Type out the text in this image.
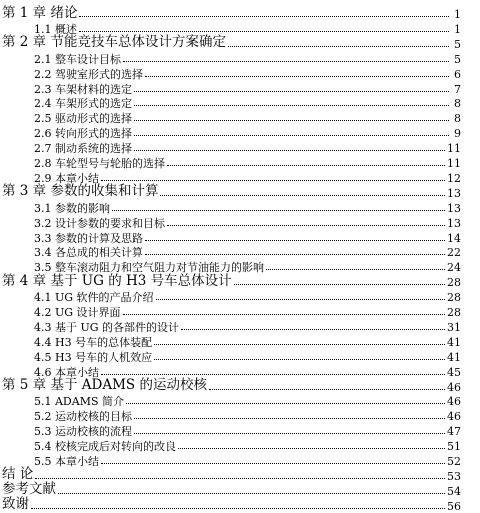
第 1 章 绪论	1
1.1 概述	1
第 2 章 节能竞技车总体设计方案确定	5
2.1 整车设计目标	5
2.2 驾驶室形式的选择	6
2.3 车架材料的选定	7
2.4 车架形式的选定	8
2.5 驱动形式的选择	8
2.6 转向形式的选择	9
2.7 制动系统的选择	11
2.8 车轮型号与轮胎的选择	11
2.9 本章小结	12
第 3 章 参数的收集和计算	13
3.1 参数的影响	13
3.2 设计参数的要求和目标	13
3.3 参数的计算及思路	14
3.4 各总成的相关计算	22
3.5 整车滚动阻力和空气阻力对节油能力的影响	24
第 4 章 基于 UG 的 H3 号车总体设计	28
4.1 UG 软件的产品介绍	28
4.2 UG 设计界面	28
4.3 基于 UG 的各部件的设计	31
4.4 H3 号车的总体装配	41
4.5 H3 号车的人机效应	41
4.6 本章小结	45
第 5 章 基于 ADAMS 的运动校核	46
5.1 ADAMS 简介	46
5.2 运动校核的目标	46
5.3 运动校核的流程	47
5.4 校核完成后对转向的改良	51
5.5 本章小结	52
结 论	53
参考文献	54
致谢	56
